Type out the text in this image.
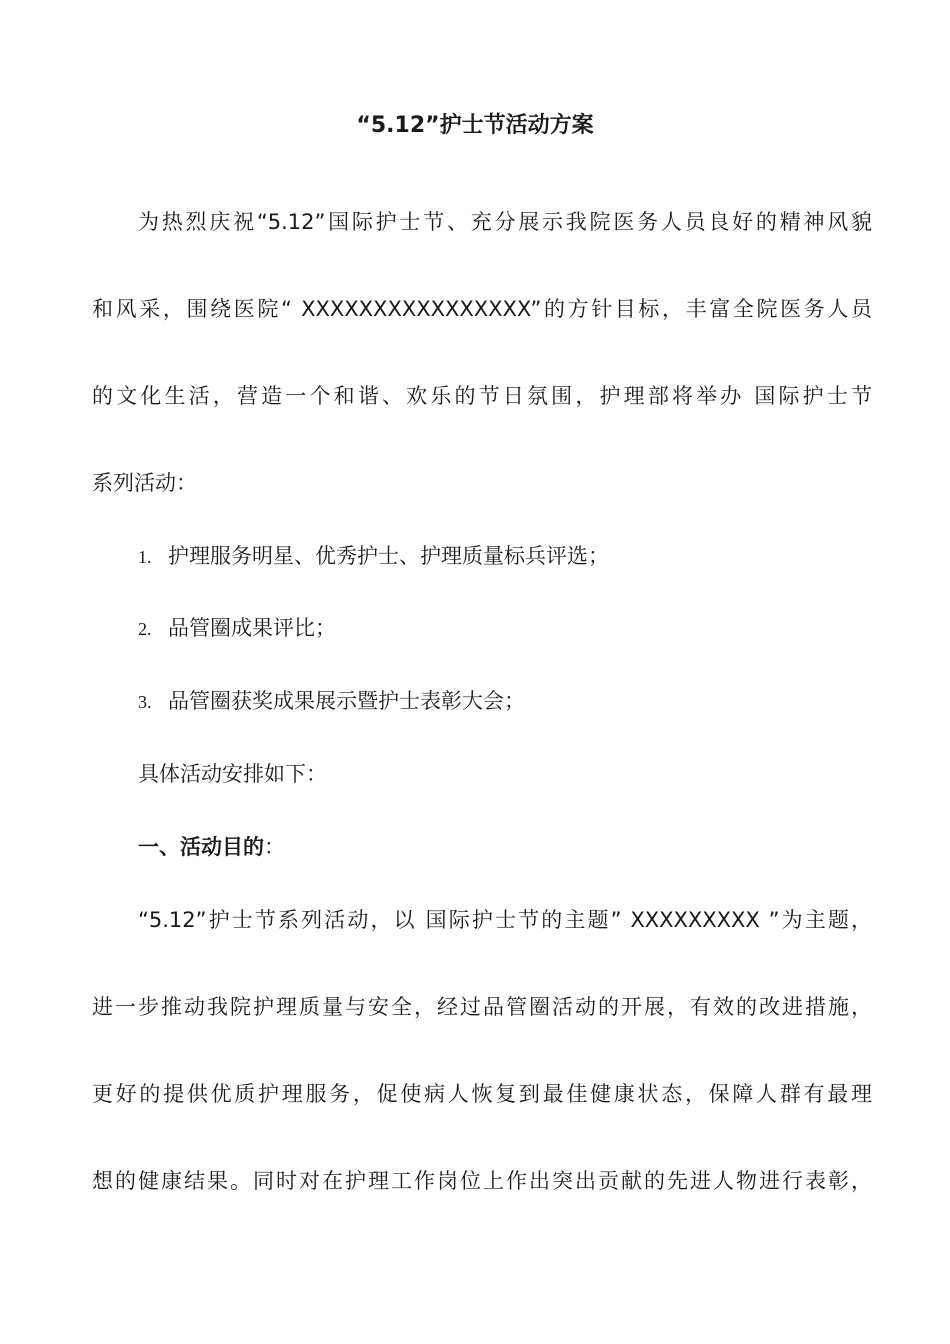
“5.12”护士节活动方案
为热烈庆祝“5.12”国际护士节、充分展示我院医务人员良好的精神风貌
和风采，围绕医院“ XXXXXXXXXXXXXXXX”的方针目标，丰富全院医务人员
的文化生活，营造一个和谐、欢乐的节日氛围，护理部将举办 国际护士节
系列活动：
1. 护理服务明星、优秀护士、护理质量标兵评选；
2. 品管圈成果评比；
3. 品管圈获奖成果展示暨护士表彰大会；
具体活动安排如下：
一、活动目的：
“5.12”护士节系列活动，以 国际护士节的主题” XXXXXXXXX ”为主题，
进一步推动我院护理质量与安全，经过品管圈活动的开展，有效的改进措施，
更好的提供优质护理服务，促使病人恢复到最佳健康状态，保障人群有最理
想的健康结果。同时对在护理工作岗位上作出突出贡献的先进人物进行表彰，
